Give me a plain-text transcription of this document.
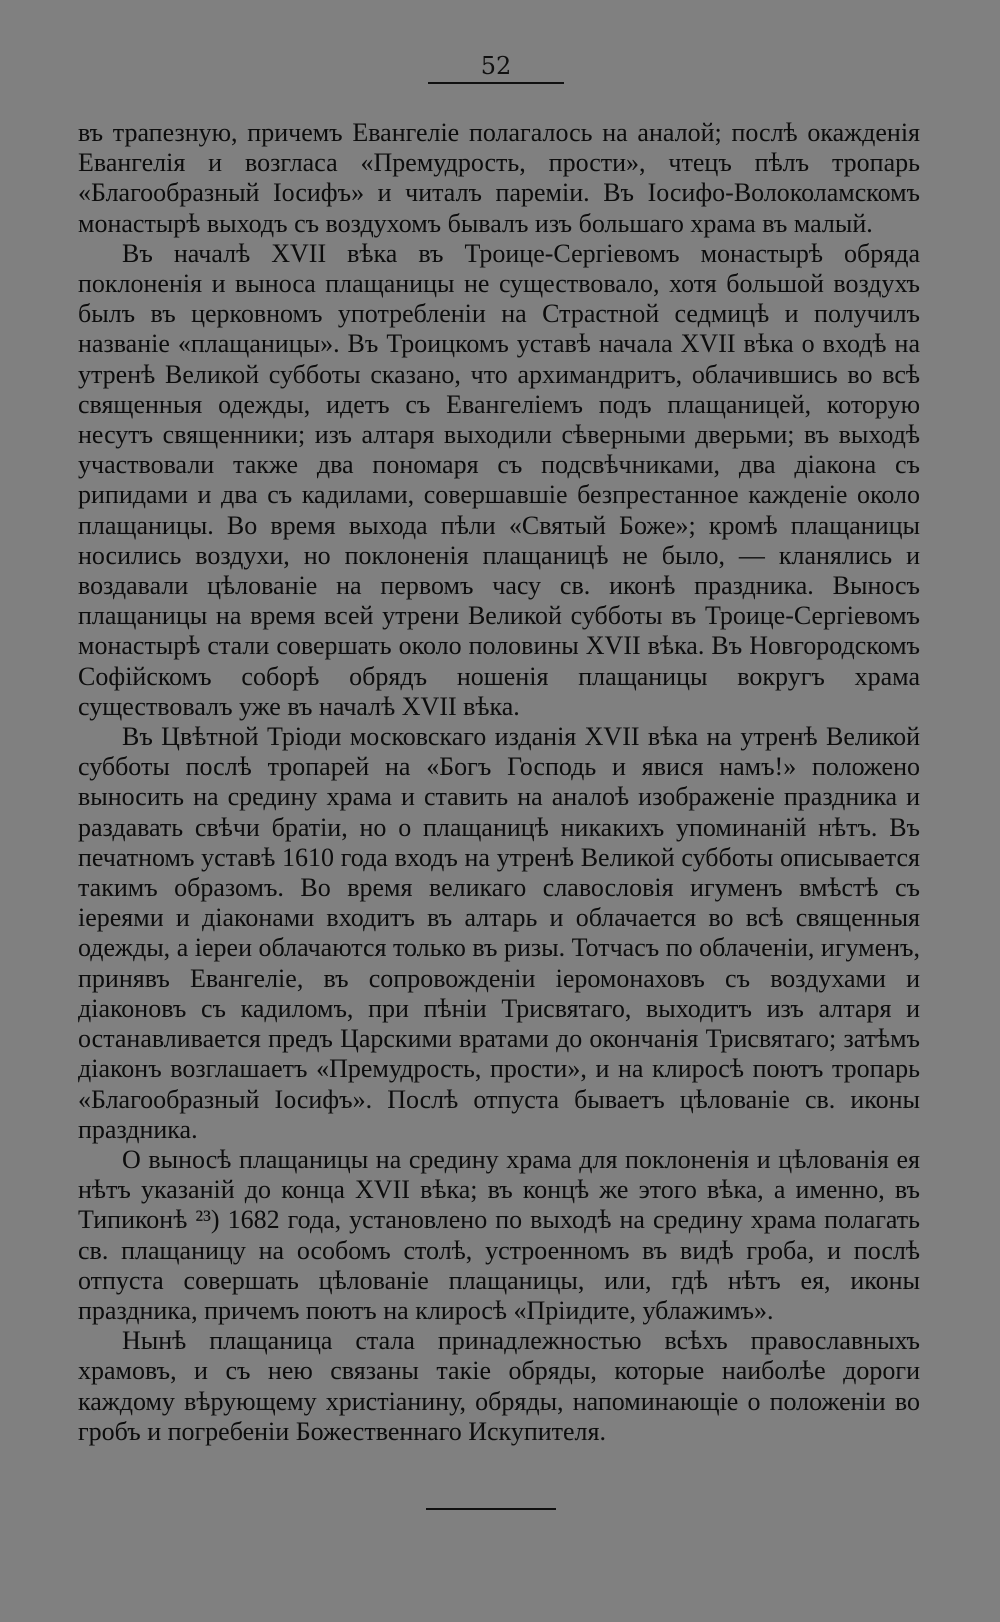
52

въ трапезную, причемъ Евангеліе полагалось на аналой; послѣ окажденія Евангелія и возгласа «Премудрость, прости», чтецъ пѣлъ тропарь «Благообразный Іосифъ» и читалъ пареміи. Въ Іосифо-Волоколамскомъ монастырѣ выходъ съ воздухомъ бывалъ изъ большаго храма въ малый.

Въ началѣ XVII вѣка въ Троице-Сергіевомъ монастырѣ обряда поклоненія и выноса плащаницы не существовало, хотя большой воздухъ былъ въ церковномъ употребленіи на Страстной седмицѣ и получилъ названіе «плащаницы». Въ Троицкомъ уставѣ начала XVII вѣка о входѣ на утренѣ Великой субботы сказано, что архимандритъ, облачившись во всѣ священныя одежды, идетъ съ Евангеліемъ подъ плащаницей, которую несутъ священники; изъ алтаря выходили сѣверными дверьми; въ выходѣ участвовали также два пономаря съ подсвѣчниками, два діакона съ рипидами и два съ кадилами, совершавшіе безпрестанное кажденіе около плащаницы. Во время выхода пѣли «Святый Боже»; кромѣ плащаницы носились воздухи, но поклоненія плащаницѣ не было, — кланялись и воздавали цѣлованіе на первомъ часу св. иконѣ праздника. Выносъ плащаницы на время всей утрени Великой субботы въ Троице-Сергіевомъ монастырѣ стали совершать около половины XVII вѣка. Въ Новгородскомъ Софійскомъ соборѣ обрядъ ношенія плащаницы вокругъ храма существовалъ уже въ началѣ XVII вѣка.

Въ Цвѣтной Тріоди московскаго изданія XVII вѣка на утренѣ Великой субботы послѣ тропарей на «Богъ Господь и явися намъ!» положено выносить на средину храма и ставить на аналоѣ изображеніе праздника и раздавать свѣчи братіи, но о плащаницѣ никакихъ упоминаній нѣтъ. Въ печатномъ уставѣ 1610 года входъ на утренѣ Великой субботы описывается такимъ образомъ. Во время великаго славословія игуменъ вмѣстѣ съ іереями и діаконами входитъ въ алтарь и облачается во всѣ священныя одежды, а іереи облачаются только въ ризы. Тотчасъ по облаченіи, игуменъ, принявъ Евангеліе, въ сопровожденіи іеромонаховъ съ воздухами и діаконовъ съ кадиломъ, при пѣніи Трисвятаго, выходитъ изъ алтаря и останавливается предъ Царскими вратами до окончанія Трисвятаго; затѣмъ діаконъ возглашаетъ «Премудрость, прости», и на клиросѣ поютъ тропарь «Благообразный Іосифъ». Послѣ отпуста бываетъ цѣлованіе св. иконы праздника.

О выносѣ плащаницы на средину храма для поклоненія и цѣлованія ея нѣтъ указаній до конца XVII вѣка; въ концѣ же этого вѣка, а именно, въ Типиконѣ ²³) 1682 года, установлено по выходѣ на средину храма полагать св. плащаницу на особомъ столѣ, устроенномъ въ видѣ гроба, и послѣ отпуста совершать цѣлованіе плащаницы, или, гдѣ нѣтъ ея, иконы праздника, причемъ поютъ на клиросѣ «Пріидите, ублажимъ».

Нынѣ плащаница стала принадлежностью всѣхъ православныхъ храмовъ, и съ нею связаны такіе обряды, которые наиболѣе дороги каждому вѣрующему христіанину, обряды, напоминающіе о положеніи во гробъ и погребеніи Божественнаго Искупителя.
